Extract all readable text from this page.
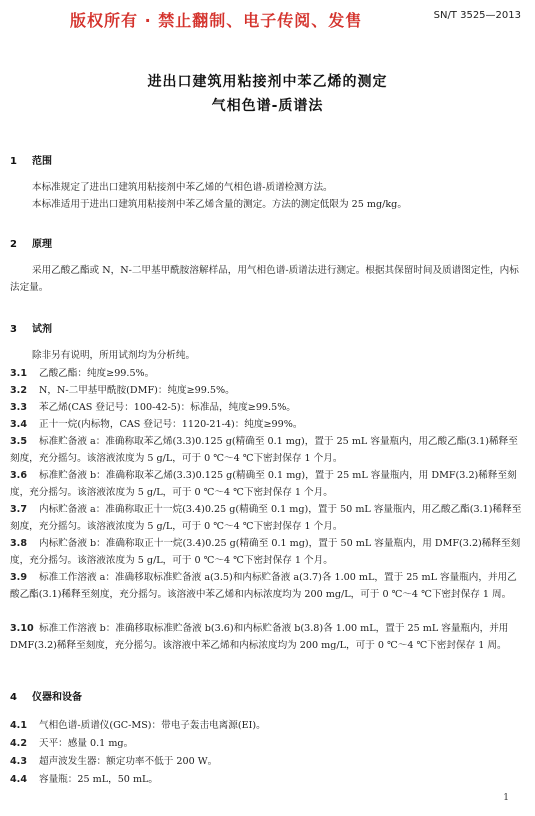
版权所有 · 禁止翻制、电子传阅、发售	SN/T 3525—2013
进出口建筑用粘接剂中苯乙烯的测定
气相色谱-质谱法
1 范围
本标准规定了进出口建筑用粘接剂中苯乙烯的气相色谱-质谱检测方法。
本标准适用于进出口建筑用粘接剂中苯乙烯含量的测定。方法的测定低限为 25 mg/kg。
2 原理
采用乙酸乙酯或 N，N-二甲基甲酰胺溶解样品，用气相色谱-质谱法进行测定。根据其保留时间及质谱图定性，内标法定量。
3 试剂
除非另有说明，所用试剂均为分析纯。
3.1 乙酸乙酯：纯度≥99.5%。
3.2 N，N-二甲基甲酰胺(DMF)：纯度≥99.5%。
3.3 苯乙烯(CAS 登记号：100-42-5)：标准品，纯度≥99.5%。
3.4 正十一烷(内标物，CAS 登记号：1120-21-4)：纯度≥99%。
3.5 标准贮备液 a：准确称取苯乙烯(3.3)0.125 g(精确至 0.1 mg)，置于 25 mL 容量瓶内，用乙酸乙酯(3.1)稀释至刻度，充分摇匀。该溶液浓度为 5 g/L，可于 0 ℃～4 ℃下密封保存 1 个月。
3.6 标准贮备液 b：准确称取苯乙烯(3.3)0.125 g(精确至 0.1 mg)，置于 25 mL 容量瓶内，用 DMF(3.2)稀释至刻度，充分摇匀。该溶液浓度为 5 g/L，可于 0 ℃～4 ℃下密封保存 1 个月。
3.7 内标贮备液 a：准确称取正十一烷(3.4)0.25 g(精确至 0.1 mg)，置于 50 mL 容量瓶内，用乙酸乙酯(3.1)稀释至刻度，充分摇匀。该溶液浓度为 5 g/L，可于 0 ℃～4 ℃下密封保存 1 个月。
3.8 内标贮备液 b：准确称取正十一烷(3.4)0.25 g(精确至 0.1 mg)，置于 50 mL 容量瓶内，用 DMF(3.2)稀释至刻度，充分摇匀。该溶液浓度为 5 g/L，可于 0 ℃～4 ℃下密封保存 1 个月。
3.9 标准工作溶液 a：准确移取标准贮备液 a(3.5)和内标贮备液 a(3.7)各 1.00 mL，置于 25 mL 容量瓶内，并用乙酸乙酯(3.1)稀释至刻度，充分摇匀。该溶液中苯乙烯和内标浓度均为 200 mg/L，可于 0 ℃～4 ℃下密封保存 1 周。
3.10 标准工作溶液 b：准确移取标准贮备液 b(3.6)和内标贮备液 b(3.8)各 1.00 mL，置于 25 mL 容量瓶内，并用 DMF(3.2)稀释至刻度，充分摇匀。该溶液中苯乙烯和内标浓度均为 200 mg/L，可于 0 ℃～4 ℃下密封保存 1 周。
4 仪器和设备
4.1 气相色谱-质谱仪(GC-MS)：带电子轰击电离源(EI)。
4.2 天平：感量 0.1 mg。
4.3 超声波发生器：额定功率不低于 200 W。
4.4 容量瓶：25 mL，50 mL。
1
